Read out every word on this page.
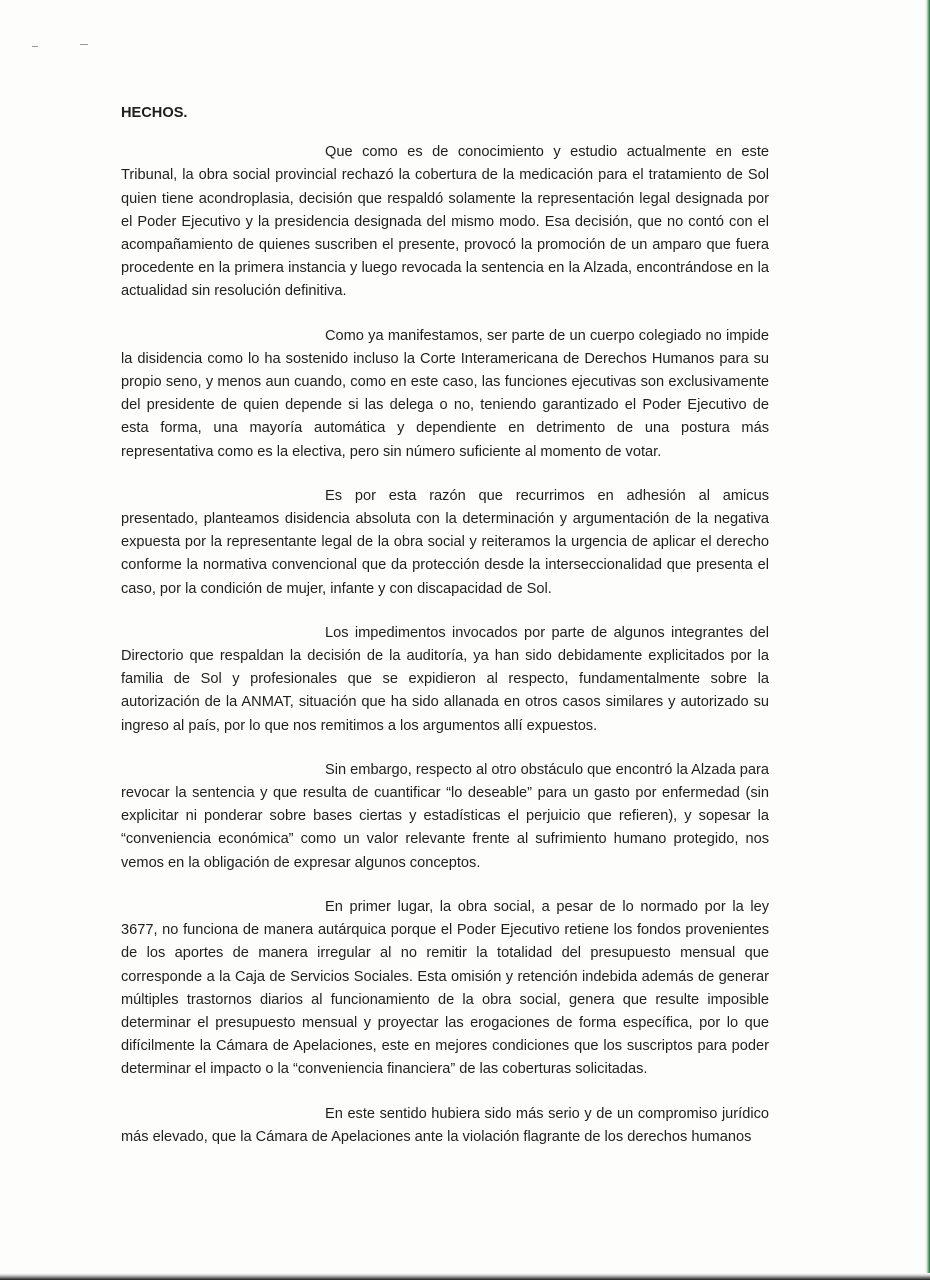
HECHOS.

Que como es de conocimiento y estudio actualmente en este Tribunal, la obra social provincial rechazó la cobertura de la medicación para el tratamiento de Sol quien tiene acondroplasia, decisión que respaldó solamente la representación legal designada por el Poder Ejecutivo y la presidencia designada del mismo modo. Esa decisión, que no contó con el acompañamiento de quienes suscriben el presente, provocó la promoción de un amparo que fuera procedente en la primera instancia y luego revocada la sentencia en la Alzada, encontrándose en la actualidad sin resolución definitiva.

Como ya manifestamos, ser parte de un cuerpo colegiado no impide la disidencia como lo ha sostenido incluso la Corte Interamericana de Derechos Humanos para su propio seno, y menos aun cuando, como en este caso, las funciones ejecutivas son exclusivamente del presidente de quien depende si las delega o no, teniendo garantizado el Poder Ejecutivo de esta forma, una mayoría automática y dependiente en detrimento de una postura más representativa como es la electiva, pero sin número suficiente al momento de votar.

Es por esta razón que recurrimos en adhesión al amicus presentado, planteamos disidencia absoluta con la determinación y argumentación de la negativa expuesta por la representante legal de la obra social y reiteramos la urgencia de aplicar el derecho conforme la normativa convencional que da protección desde la interseccionalidad que presenta el caso, por la condición de mujer, infante y con discapacidad de Sol.

Los impedimentos invocados por parte de algunos integrantes del Directorio que respaldan la decisión de la auditoría, ya han sido debidamente explicitados por la familia de Sol y profesionales que se expidieron al respecto, fundamentalmente sobre la autorización de la ANMAT, situación que ha sido allanada en otros casos similares y autorizado su ingreso al país, por lo que nos remitimos a los argumentos allí expuestos.

Sin embargo, respecto al otro obstáculo que encontró la Alzada para revocar la sentencia y que resulta de cuantificar “lo deseable” para un gasto por enfermedad (sin explicitar ni ponderar sobre bases ciertas y estadísticas el perjuicio que refieren), y sopesar la “conveniencia económica” como un valor relevante frente al sufrimiento humano protegido, nos vemos en la obligación de expresar algunos conceptos.

En primer lugar, la obra social, a pesar de lo normado por la ley 3677, no funciona de manera autárquica porque el Poder Ejecutivo retiene los fondos provenientes de los aportes de manera irregular al no remitir la totalidad del presupuesto mensual que corresponde a la Caja de Servicios Sociales. Esta omisión y retención indebida además de generar múltiples trastornos diarios al funcionamiento de la obra social, genera que resulte imposible determinar el presupuesto mensual y proyectar las erogaciones de forma específica, por lo que difícilmente la Cámara de Apelaciones, este en mejores condiciones que los suscriptos para poder determinar el impacto o la “conveniencia financiera” de las coberturas solicitadas.

En este sentido hubiera sido más serio y de un compromiso jurídico más elevado, que la Cámara de Apelaciones ante la violación flagrante de los derechos humanos
